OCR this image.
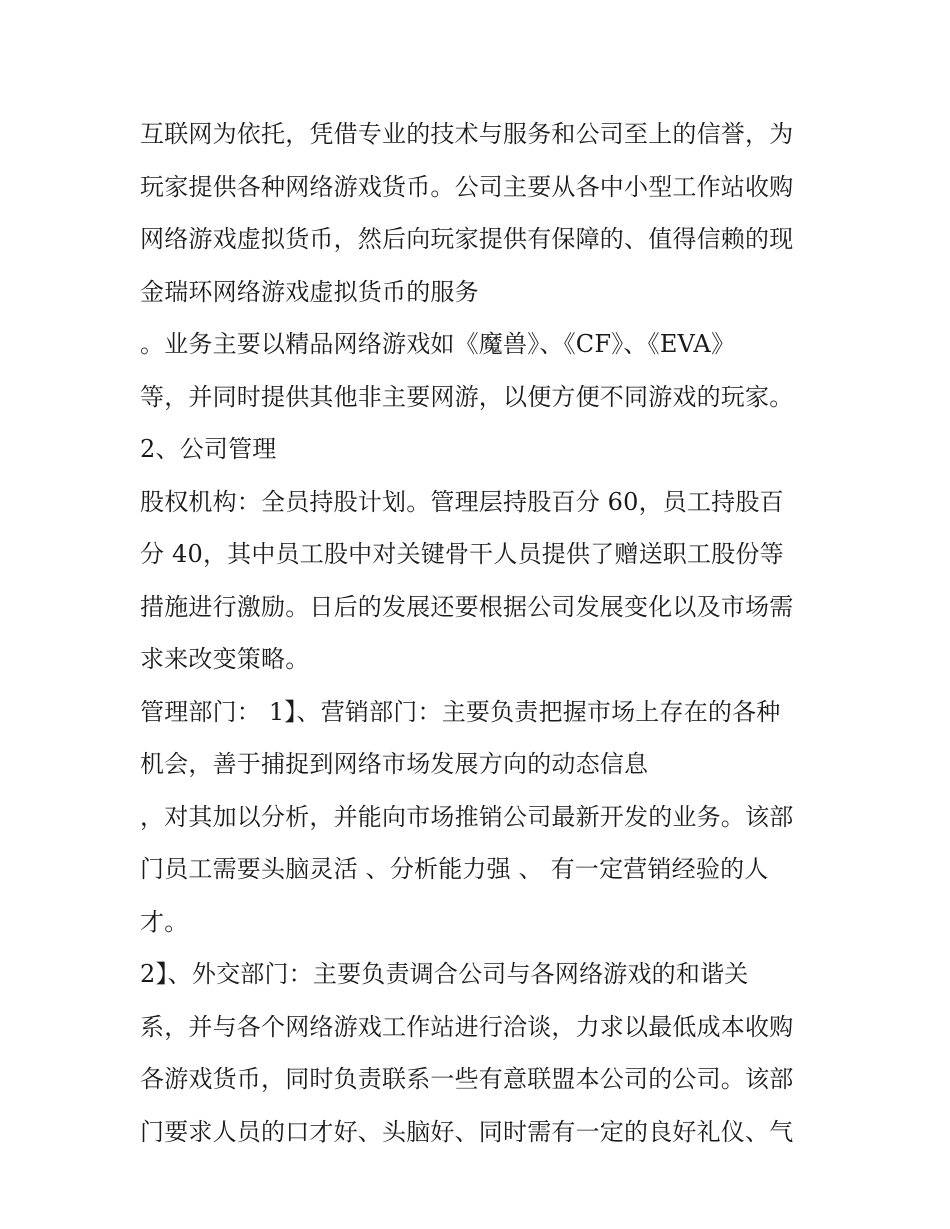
互联网为依托，凭借专业的技术与服务和公司至上的信誉，为
玩家提供各种网络游戏货币。公司主要从各中小型工作站收购
网络游戏虚拟货币，然后向玩家提供有保障的、值得信赖的现
金瑞环网络游戏虚拟货币的服务
。业务主要以精品网络游戏如《魔兽》、《CF》、《EVA》
等，并同时提供其他非主要网游，以便方便不同游戏的玩家。
2、公司管理
股权机构：全员持股计划。管理层持股百分 60，员工持股百
分 40，其中员工股中对关键骨干人员提供了赠送职工股份等
措施进行激励。日后的发展还要根据公司发展变化以及市场需
求来改变策略。
管理部门： 1】、营销部门：主要负责把握市场上存在的各种
机会，善于捕捉到网络市场发展方向的动态信息
，对其加以分析，并能向市场推销公司最新开发的业务。该部
门员工需要头脑灵活 、分析能力强 、 有一定营销经验的人
才。
2】、外交部门：主要负责调合公司与各网络游戏的和谐关
系，并与各个网络游戏工作站进行洽谈，力求以最低成本收购
各游戏货币，同时负责联系一些有意联盟本公司的公司。该部
门要求人员的口才好、头脑好、同时需有一定的良好礼仪、气
